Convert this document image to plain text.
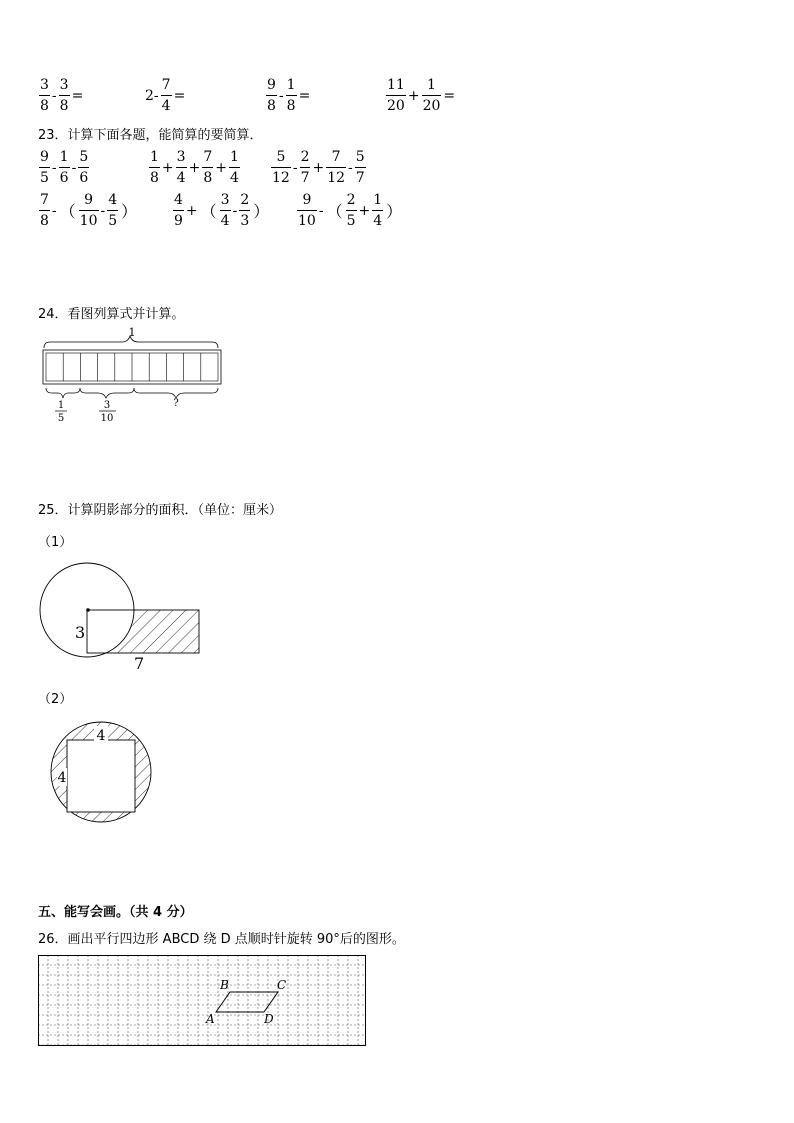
$\frac{3}{8} - \frac{3}{8}$ =	$2- \frac{7}{4}$ =	$\frac{9}{8} - \frac{1}{8}$ =	$\frac{11}{20} + \frac{1}{20}$ =
23．计算下面各题，能简算的要简算．
$\frac{9}{5} - \frac{1}{6} - \frac{5}{6}$	$\frac{1}{8} + \frac{3}{4} + \frac{7}{8} + \frac{1}{4} \frac{5}{12} - \frac{2}{7} + \frac{7}{12} - \frac{5}{7}$
$\frac{7}{8}$ - （ $\frac{9}{10} - \frac{4}{5}$ ）	$\frac{4}{9}$ + （ $\frac{3}{4} - \frac{2}{3}$ ） $\frac{9}{10}$ - （ $\frac{2}{5} + \frac{1}{4}$ ）
24．看图列算式并计算。
1
1
5
3
10
?
25．计算阴影部分的面积．（单位：厘米）
（1）
3
7
（2）
4
4
五、能写会画。（共 4 分）
26．画出平行四边形 ABCD 绕 D 点顺时针旋转 90°后的图形。
A
B	C
D
